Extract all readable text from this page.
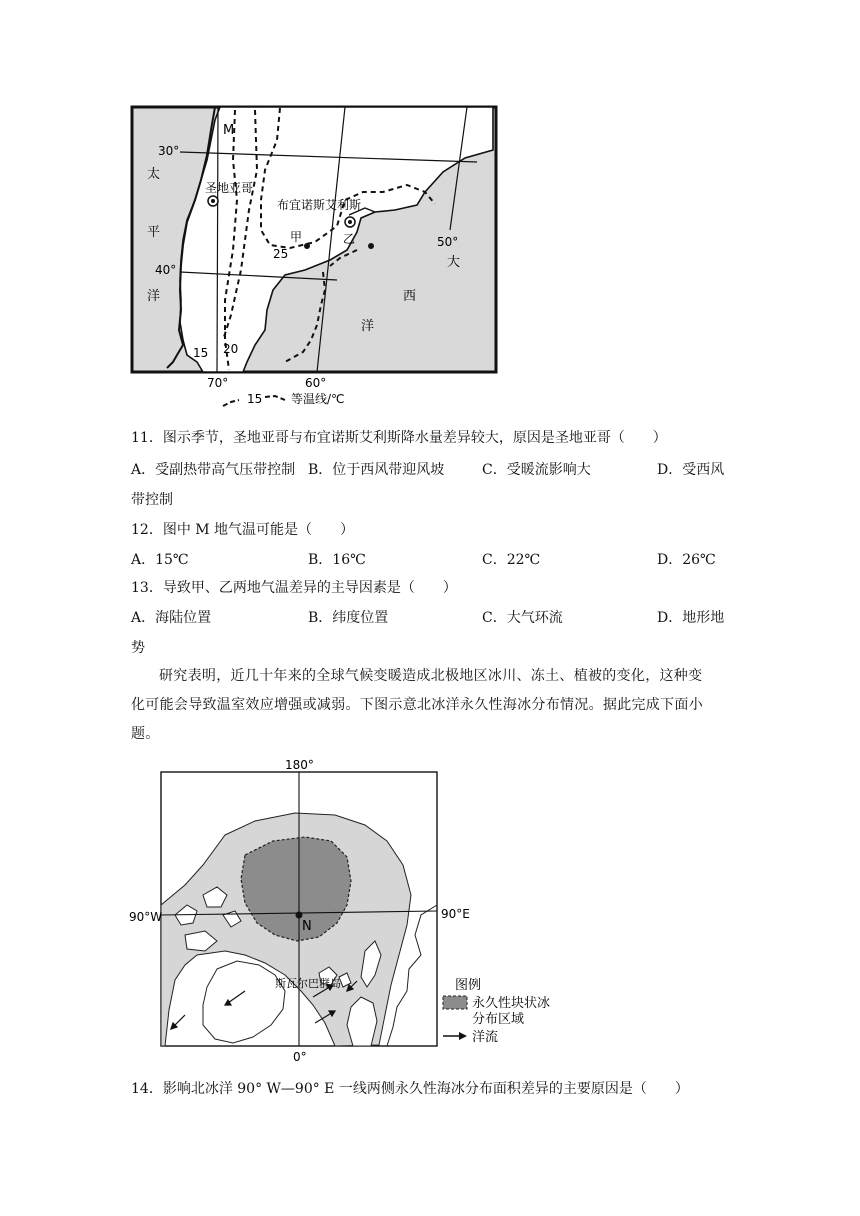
M
30°
40°
圣地亚哥
布宜诺斯艾利斯
甲	乙
25
20
15
太
平
洋
50°
大
西
洋
70°	60°
15 等温线/℃
11．图示季节，圣地亚哥与布宜诺斯艾利斯降水量差异较大，原因是圣地亚哥（　　）
A．受副热带高气压带控制 B．位于西风带迎风坡	C．受暖流影响大	D．受西风
带控制
12．图中 M 地气温可能是（　　）
A．15℃	B．16℃	C．22℃	D．26℃
13．导致甲、乙两地气温差异的主导因素是（　　）
A．海陆位置	B．纬度位置	C．大气环流	D．地形地
势
研究表明，近几十年来的全球气候变暖造成北极地区冰川、冻土、植被的变化，这种变
化可能会导致温室效应增强或减弱。下图示意北冰洋永久性海冰分布情况。据此完成下面小
题。
180°
90°W	90°E
N
斯瓦尔巴群岛
0°
图例
永久性块状冰
分布区域
洋流
14．影响北冰洋 90° W—90° E 一线两侧永久性海冰分布面积差异的主要原因是（　　）
